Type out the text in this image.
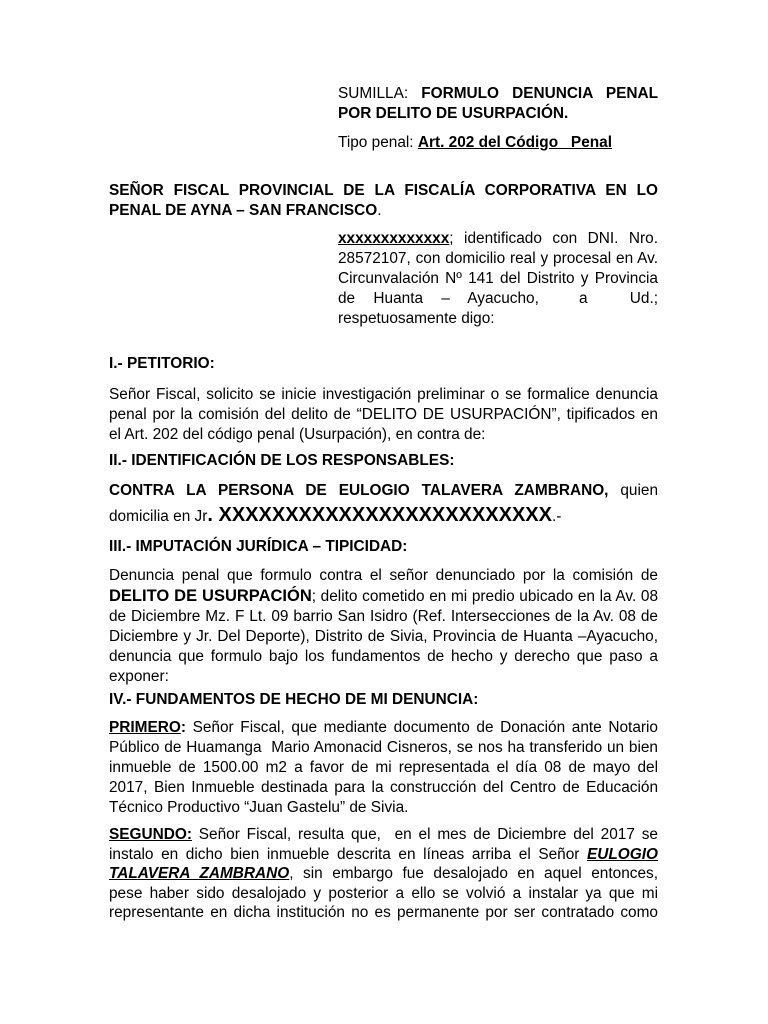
SUMILLA: FORMULO DENUNCIA PENAL
POR DELITO DE USURPACIÓN.
Tipo penal: Art. 202 del Código   Penal
SEÑOR FISCAL PROVINCIAL DE LA FISCALÍA CORPORATIVA EN LO
PENAL DE AYNA – SAN FRANCISCO.
xxxxxxxxxxxxx; identificado con DNI. Nro.
28572107, con domicilio real y procesal en Av.
Circunvalación Nº 141 del Distrito y Provincia
de Huanta – Ayacucho,	a Ud.;
respetuosamente digo:
I.- PETITORIO:
Señor Fiscal, solicito se inicie investigación preliminar o se formalice denuncia
penal por la comisión del delito de “DELITO DE USURPACIÓN”, tipificados en
el Art. 202 del código penal (Usurpación), en contra de:
II.- IDENTIFICACIÓN DE LOS RESPONSABLES:
CONTRA LA PERSONA DE EULOGIO TALAVERA ZAMBRANO, quien
domicilia en Jr. XXXXXXXXXXXXXXXXXXXXXXXXX.-
III.- IMPUTACIÓN JURÍDICA – TIPICIDAD:
Denuncia penal que formulo contra el señor denunciado por la comisión de
DELITO DE USURPACIÓN; delito cometido en mi predio ubicado en la Av. 08
de Diciembre Mz. F Lt. 09 barrio San Isidro (Ref. Intersecciones de la Av. 08 de
Diciembre y Jr. Del Deporte), Distrito de Sivia, Provincia de Huanta –Ayacucho,
denuncia que formulo bajo los fundamentos de hecho y derecho que paso a
exponer:
IV.- FUNDAMENTOS DE HECHO DE MI DENUNCIA:
PRIMERO: Señor Fiscal, que mediante documento de Donación ante Notario
Público de Huamanga  Mario Amonacid Cisneros, se nos ha transferido un bien
inmueble de 1500.00 m2 a favor de mi representada el día 08 de mayo del
2017, Bien Inmueble destinada para la construcción del Centro de Educación
Técnico Productivo “Juan Gastelu” de Sivia.
SEGUNDO: Señor Fiscal, resulta que,  en el mes de Diciembre del 2017 se
instalo en dicho bien inmueble descrita en líneas arriba el Señor EULOGIO
TALAVERA ZAMBRANO, sin embargo fue desalojado en aquel entonces,
pese haber sido desalojado y posterior a ello se volvió a instalar ya que mi
representante en dicha institución no es permanente por ser contratado como
